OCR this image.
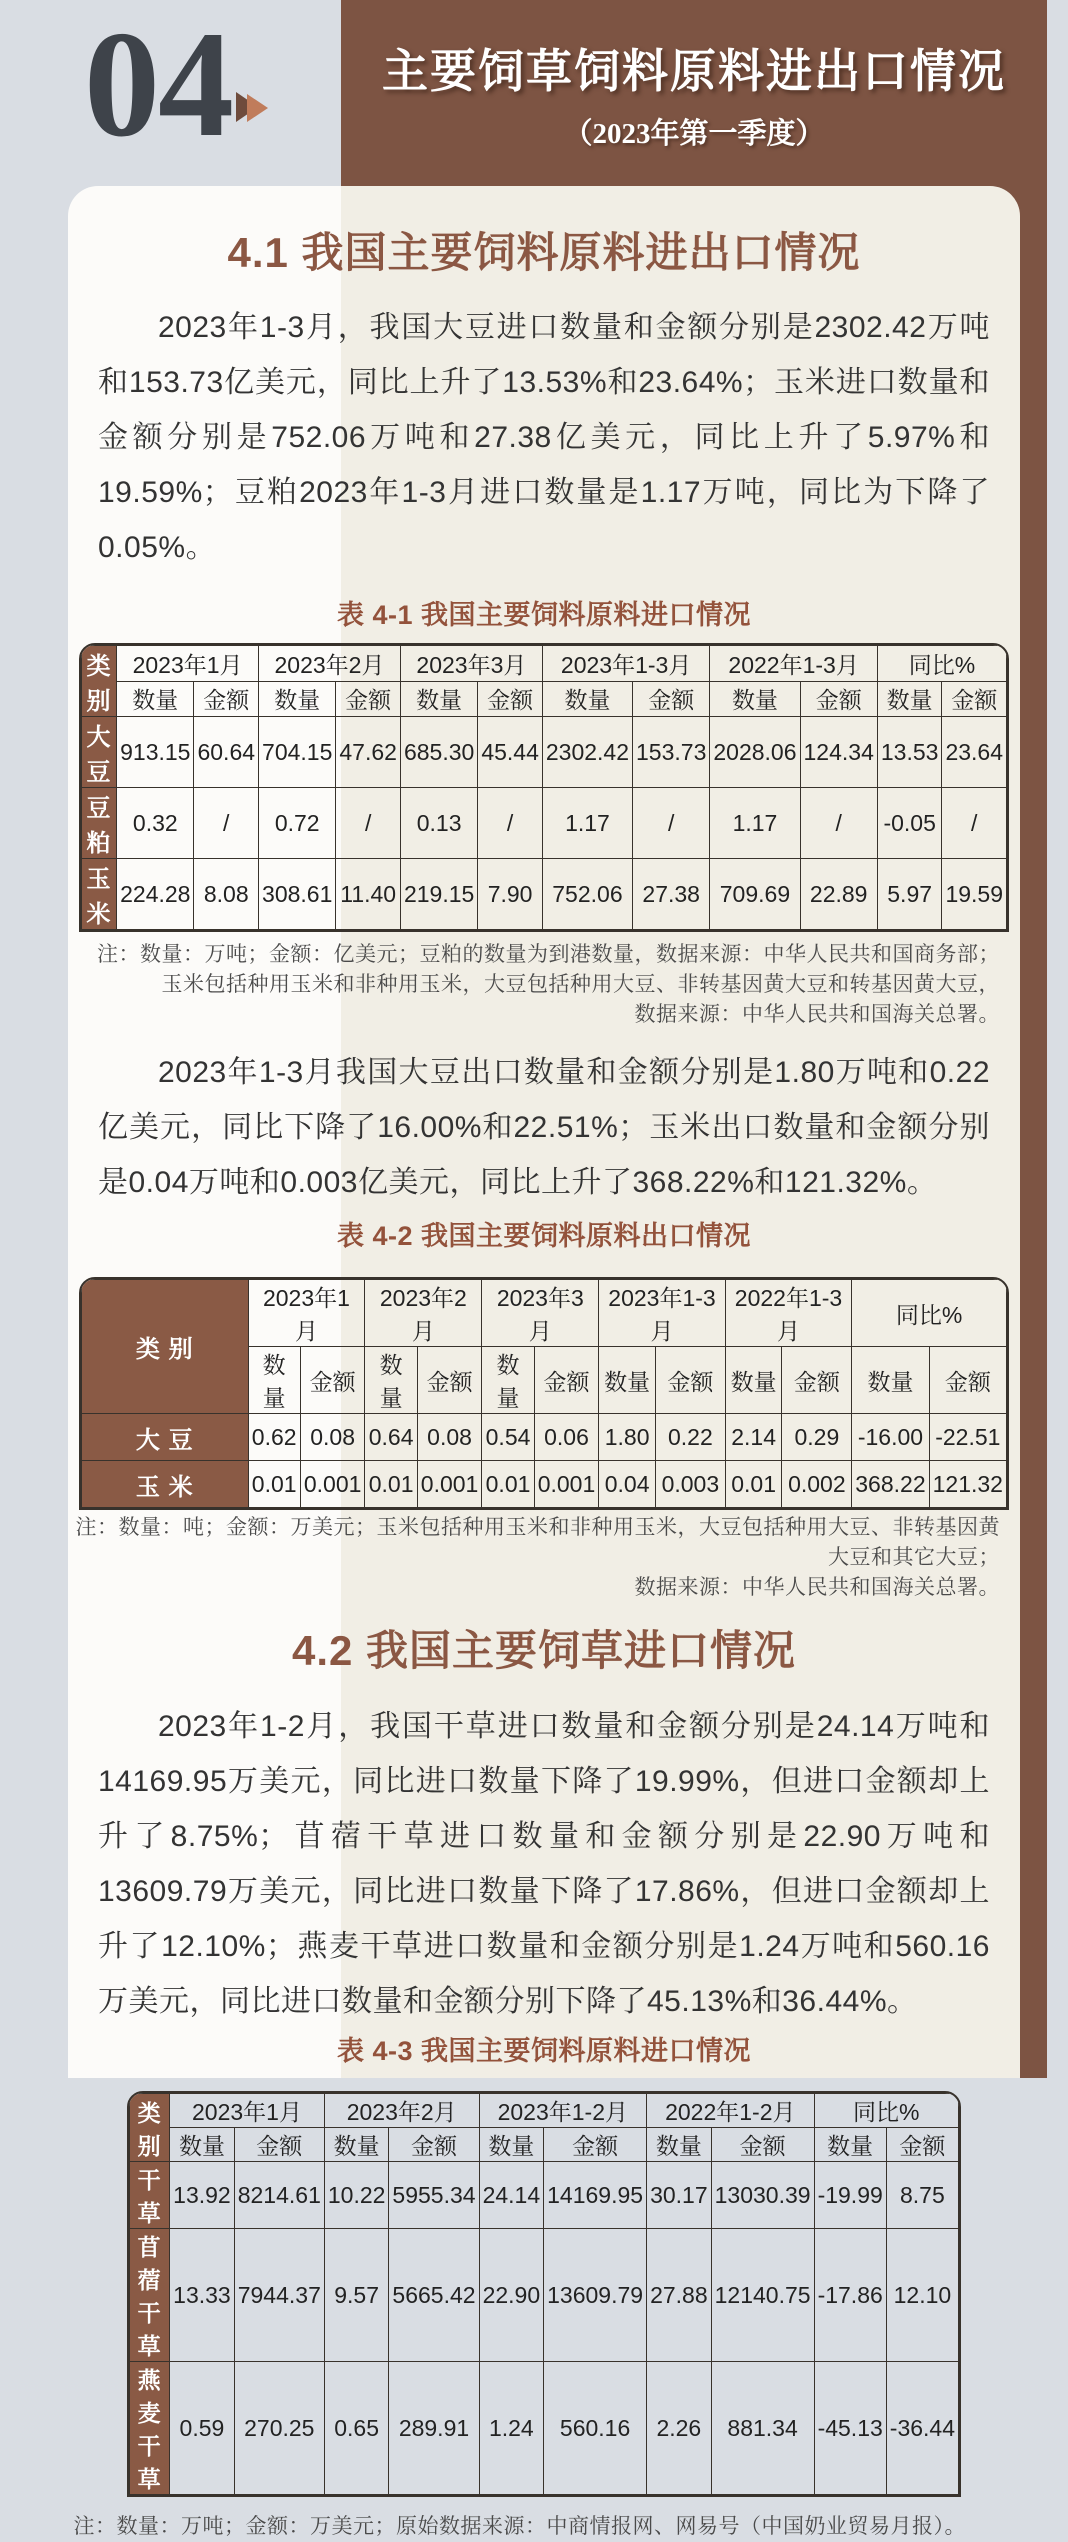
04	主要饲草饲料原料进出口情况
（2023年第一季度）
4.1 我国主要饲料原料进出口情况

2023年1-3月，我国大豆进口数量和金额分别是2302.42万吨和153.73亿美元，同比上升了13.53%和23.64%；玉米进口数量和金额分别是752.06万吨和27.38亿美元，同比上升了5.97%和19.59%；豆粕2023年1-3月进口数量是1.17万吨，同比为下降了0.05%。

表 4-1 我国主要饲料原料进口情况
类 别	2023年1月		2023年2月		2023年3月		2023年1-3月		2022年1-3月		同比%	
	数量	金额	数量	金额	数量	金额	数量	金额	数量	金额	数量	金额
大 豆	913.15	60.64	704.15	47.62	685.30	45.44	2302.42	153.73	2028.06	124.34	13.53	23.64
豆 粕	0.32	/	0.72	/	0.13	/	1.17	/	1.17	/	-0.05	/
玉 米	224.28	8.08	308.61	11.40	219.15	7.90	752.06	27.38	709.69	22.89	5.97	19.59
注：数量：万吨；金额：亿美元；豆粕的数量为到港数量，数据来源：中华人民共和国商务部；
玉米包括种用玉米和非种用玉米，大豆包括种用大豆、非转基因黄大豆和转基因黄大豆，
数据来源：中华人民共和国海关总署。

2023年1-3月我国大豆出口数量和金额分别是1.80万吨和0.22亿美元，同比下降了16.00%和22.51%；玉米出口数量和金额分别是0.04万吨和0.003亿美元，同比上升了368.22%和121.32%。

表 4-2 我国主要饲料原料出口情况
类 别	2023年1月		2023年2月		2023年3月		2023年1-3月		2022年1-3月		同比%	
	数量	金额	数量	金额	数量	金额	数量	金额	数量	金额	数量	金额
大 豆	0.62	0.08	0.64	0.08	0.54	0.06	1.80	0.22	2.14	0.29	-16.00	-22.51
玉 米	0.01	0.001	0.01	0.001	0.01	0.001	0.04	0.003	0.01	0.002	368.22	121.32
注：数量：吨；金额：万美元；玉米包括种用玉米和非种用玉米，大豆包括种用大豆、非转基因黄大豆和其它大豆；
数据来源：中华人民共和国海关总署。
4.2 我国主要饲草进口情况

2023年1-2月，我国干草进口数量和金额分别是24.14万吨和14169.95万美元，同比进口数量下降了19.99%，但进口金额却上升了8.75%；苜蓿干草进口数量和金额分别是22.90万吨和13609.79万美元，同比进口数量下降了17.86%，但进口金额却上升了12.10%；燕麦干草进口数量和金额分别是1.24万吨和560.16万美元，同比进口数量和金额分别下降了45.13%和36.44%。

表 4-3 我国主要饲料原料进口情况
类 别	2023年1月		2023年2月		2023年1-2月		2022年1-2月		同比%	
	数量	金额	数量	金额	数量	金额	数量	金额	数量	金额
干 草	13.92	8214.61	10.22	5955.34	24.14	14169.95	30.17	13030.39	-19.99	8.75
苜蓿干草	13.33	7944.37	9.57	5665.42	22.90	13609.79	27.88	12140.75	-17.86	12.10
燕麦干草	0.59	270.25	0.65	289.91	1.24	560.16	2.26	881.34	-45.13	-36.44
注：数量：万吨；金额：万美元；原始数据来源：中商情报网、网易号（中国奶业贸易月报）。
